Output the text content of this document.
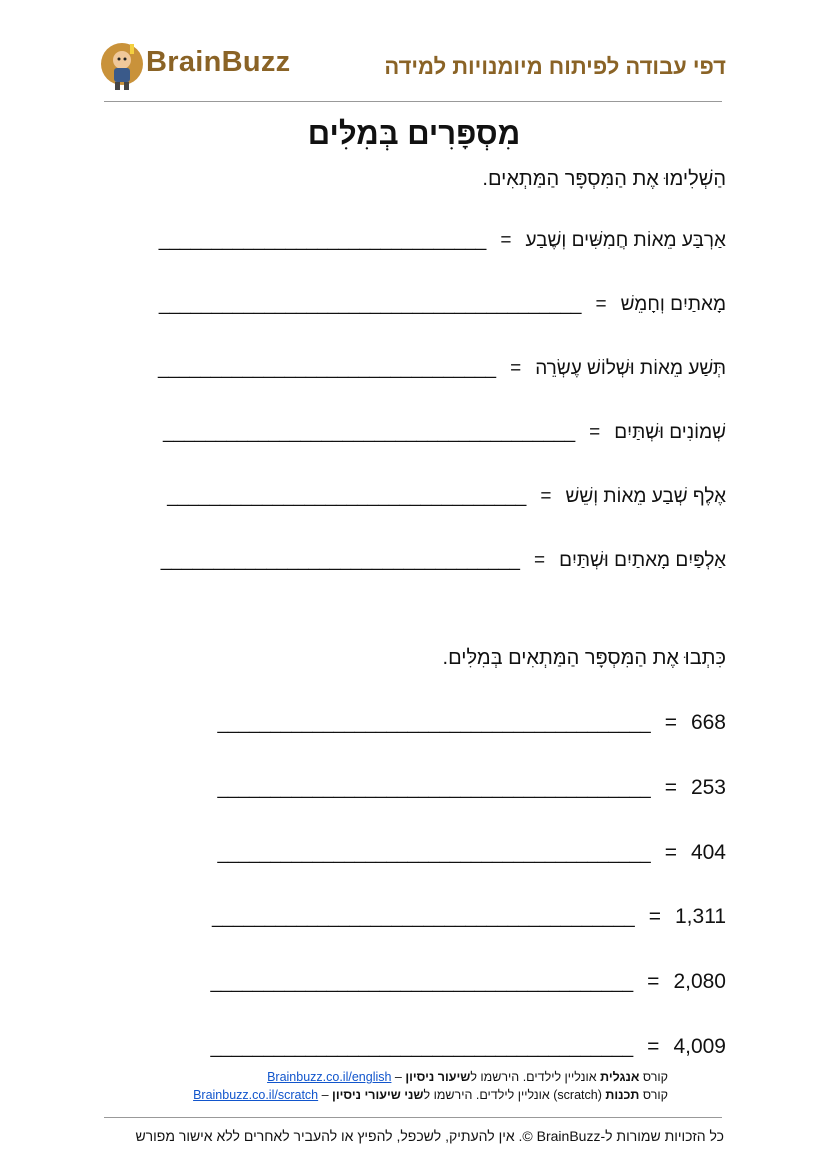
BrainBuzz	דפי עבודה לפיתוח מיומנויות למידה
מִסְפָּרִים בְּמִלִּים
הַשְׁלִימוּ אֶת הַמִּסְפָּר הַמַּתְאִים.
אַרְבַּע מֵאוֹת חֲמִשִּׁים וְשֶׁבַע=_______________________________
מָאתַיִם וְחָמֵשׁ=________________________________________
תְּשַׁע מֵאוֹת וּשְׁלוֹשׁ עֶשְׂרֵה=________________________________
שְׁמוֹנִים וּשְׁתַּיִם=_______________________________________
אֶלֶף שְׁבַע מֵאוֹת וְשֵׁשׁ=__________________________________
אַלְפַּיִם מָאתַיִם וּשְׁתַּיִם=__________________________________
כִּתְבוּ אֶת הַמִּסְפָּר הַמַּתְאִים בְּמִלִּים.
_________________________________________ = 668
_________________________________________ = 253
_________________________________________ = 404
________________________________________ = 1,311
________________________________________ = 2,080
________________________________________ = 4,009
קורס אנגלית אונליין לילדים. הירשמו לשיעור ניסיון – Brainbuzz.co.il/english
קורס תכנות (scratch) אונליין לילדים. הירשמו לשני שיעורי ניסיון – Brainbuzz.co.il/scratch
כל הזכויות שמורות ל-BrainBuzz ©. אין להעתיק, לשכפל, להפיץ או להעביר לאחרים ללא אישור מפורש
